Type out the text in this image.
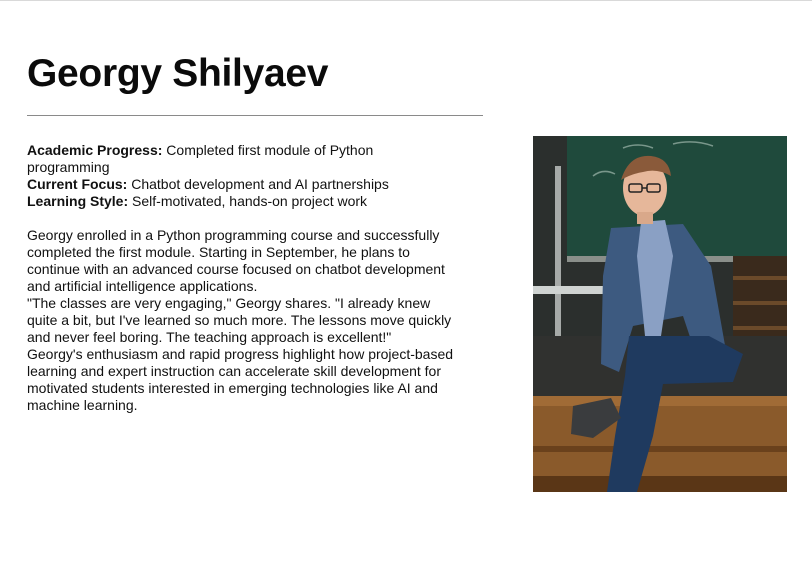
Georgy Shilyaev

Academic Progress: Completed first module of Python programming

Current Focus: Chatbot development and AI partnerships

Learning Style: Self-motivated, hands-on project work

Georgy enrolled in a Python programming course and successfully completed the first module. Starting in September, he plans to continue with an advanced course focused on chatbot development and artificial intelligence applications.

"The classes are very engaging," Georgy shares. "I already knew quite a bit, but I've learned so much more. The lessons move quickly and never feel boring. The teaching approach is excellent!"

Georgy's enthusiasm and rapid progress highlight how project-based learning and expert instruction can accelerate skill development for motivated students interested in emerging technologies like AI and machine learning.
